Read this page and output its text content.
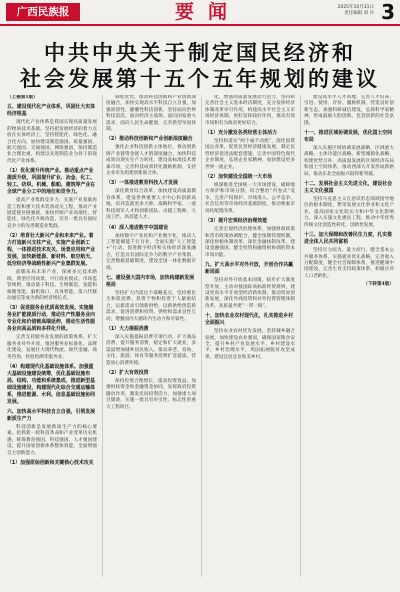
广西民族报	要闻	2025年10月31日
责任编辑 刘 丹 3
中共中央关于制定国民经济和
社会发展第十五个五年规划的建议
（上接第1版）
五、建设现代化产业体系，巩固壮大实体经济根基
现代化产业体系是我国实现高质量发展的物质技术基础。坚持把发展经济的着力点放在实体经济上，坚持智能化、绿色化、融合化方向，加快建设制造强国、质量强国、航天强国、交通强国、网络强国，保持制造业合理比重，构建以先进制造业为骨干的现代化产业体系。
（1）优化提升传统产业。推动重点产业提质升级，巩固提升矿业、冶金、化工、轻工、纺织、机械、船舶、建筑等产业在全球产业分工中的地位和竞争力。
提高产业集群竞争力，实施产业基础再造工程和重大技术装备攻关工程，推动产业链延链补链强链，加快传统产业高端化、智能化、绿色化升级改造，培育一批具有国际竞争力的先进制造业集群。
（2）培育壮大新兴产业和未来产业。着力打造新兴支柱产业，实施产业创新工程，一体推进技术攻关、场景应用和产业发展，加快新能源、新材料、航空航天、低空经济等战略性新兴产业集群发展。
前瞻布局未来产业，探索多元技术路线、典型应用场景、可行商业模式、市场监管规则，推动量子科技、生物制造、氢能和核聚变能、脑机接口、具身智能、第六代移动通信等成为新的经济增长点。
（3）促进服务业优质高效发展。实施服务业扩能提质行动，推动生产性服务业向专业化和价值链高端延伸，推动生活性服务业向高品质和多样化升级。
完善支持服务业发展的政策体系，扩大服务业对外开放，推进服务业标准化、品牌化建设，发展壮大现代物流、现代金融、商务咨询、检验检测等服务业。
（4）构建现代化基础设施体系。加强重大基础设施建设统筹，优化基础设施布局、结构、功能和系统集成，推进新型基础设施建设，构建现代化综合交通运输体系，推进能源、水利、信息基础设施协同发展。
六、加快高水平科技自立自强，引领发展新质生产力
科技创新是发展新质生产力的核心要素。抢抓新一轮科技革命和产业变革历史机遇，统筹教育强国、科技强国、人才强国建设，提升国家创新体系整体效能，全面增强自主创新能力。
（1）加强原始创新和关键核心技术攻关
制度优势，推动科技创新和产业创新深度融合，加快实现高水平科技自立自强，加强原创性、颠覆性科技创新，坚持面向世界科技前沿、面向经济主战场、面向国家重大需求、面向人民生命健康，完善新型举国体制。
（2）推动科技创新和产业创新深度融合
强化企业科技创新主体地位，推动创新链产业链资金链人才链深度融合，加快科技成果向现实生产力转化，建设高标准技术要素市场，完善科技成果转化激励机制，支持企业牵头组建创新联合体。
（3）一体推进教育科技人才发展
深化教育综合改革，加快建设高质量教育体系，建设世界重要人才中心和创新高地，培养造就更多大师、战略科学家、一流科技领军人才和创新团队、卓越工程师、大国工匠、高技能人才。
（4）深入推进数字中国建设
加快数字产业化和产业数字化，推动人工智能赋能千行百业，全面实施“人工智能+”行动，促进数字经济和实体经济深度融合，打造具有国际竞争力的数字产业集群，完善数据基础制度，建设全国一体化数据市场。
七、建设强大国内市场，加快构建新发展格局
坚持扩大内需这个战略基点，坚持惠民生和促消费、投资于物和投资于人紧密结合，以新需求引领新供给，以新供给创造新需求，促进消费和投资、供给和需求良性互动，增强国内大循环内生动力和可靠性。
（1）大力提振消费
深入实施提振消费专项行动，扩大商品消费，提升服务消费，稳定和扩大就业，多渠道增加城乡居民收入，推动养老、育幼、文化、旅游、体育等服务消费扩容提质，营造放心消费环境。
（2）扩大有效投资
保持投资合理增长，提高投资效益，加强财政资金和金融资金协同，发挥政府投资撬动作用，激发民间投资活力，加强重大项目储备，实施一批具有牵引性、标志性的重大工程项目。
化，增强高质量发展动力活力，坚持和完善社会主义基本经济制度，充分发挥经济体制改革牵引作用，构建高水平社会主义市场经济体制，更好发挥政府作用，推动有效市场和有为政府更好结合。
（1）充分激发各类经营主体活力
坚持和落实“两个毫不动摇”，深化国资国企改革，促进民营经济健康发展，制定民营经济促进法配套措施，完善中国特色现代企业制度，弘扬企业家精神，加快建设更多世界一流企业。
（2）加快建设全国统一大市场
纵深推进全国统一大市场建设，破除地方保护和市场分割，综合整治“内卷式”竞争，完善产权保护、市场准入、公平竞争、社会信用等市场经济基础制度，推动要素市场化配置改革。
（3）提升宏观经济治理效能
完善宏观经济治理体系，加强财政政策和货币政策协调配合，健全预期管理机制，深化财税体制改革，深化金融体制改革，建设金融强国，健全投资和融资相协调的资本市场功能。
九、扩大高水平对外开放，开创合作共赢新局面
坚持对外开放基本国策，稳步扩大制度型开放，主动对接国际高标准经贸规则，建设更高水平开放型经济新体制，推动贸易创新发展，深化外商投资和对外投资管理体制改革，高质量共建“一带一路”。
十、加快农业农村现代化，扎实推进乡村全面振兴
坚持农业农村优先发展，坚持城乡融合发展，加快建设农业强国，确保国家粮食安全，提升乡村产业发展水平、乡村建设水平、乡村治理水平，巩固拓展脱贫攻坚成果，建设宜居宜业和美乡村。
建设高水平人才高地，完善人才培养、引进、使用、评价、激励机制，营造良好创新生态，加强科研诚信建设，弘扬科学家精神，形成鼓励大胆创新、包容创新的社会氛围。
十一、推进区域协调发展，优化国土空间布局
深入实施区域协调发展战略、区域重大战略、主体功能区战略、新型城镇化战略，构建优势互补、高质量发展的区域经济布局和国土空间体系，推动西部大开发形成新格局，推动东北全面振兴取得新突破。
十二、发展社会主义先进文化，建设社会主义文化强国
坚持马克思主义在意识形态领域指导地位的根本制度，繁荣发展文化事业和文化产业，提高国家文化软实力和中华文化影响力，深入实施文化惠民工程，推动中华优秀传统文化创造性转化、创新性发展。
十三、加大保障和改善民生力度，扎实推进全体人民共同富裕
坚持尽力而为、量力而行，健全基本公共服务体系，实施就业优先战略，完善收入分配制度，健全社会保障体系，推进健康中国建设，完善生育支持政策体系，积极应对人口老龄化。
（下转第4版）
